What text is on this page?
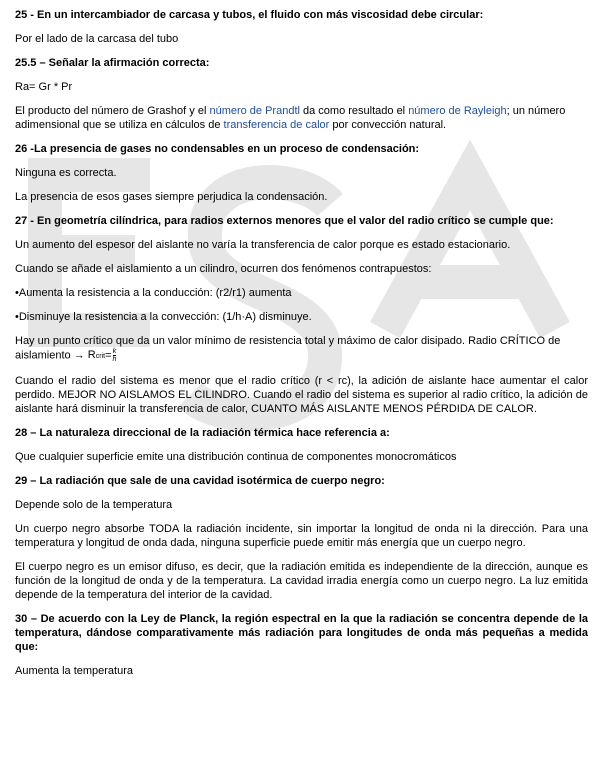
25 - En un intercambiador de carcasa y tubos, el fluido con más viscosidad debe circular:

Por el lado de la carcasa del tubo

25.5 – Señalar la afirmación correcta:

Ra= Gr * Pr

El producto del número de Grashof y el número de Prandtl da como resultado el número de Rayleigh; un número adimensional que se utiliza en cálculos de transferencia de calor por convección natural.

26 -La presencia de gases no condensables en un proceso de condensación:

Ninguna es correcta.

La presencia de esos gases siempre perjudica la condensación.

27 - En geometría cilíndrica, para radios externos menores que el valor del radio crítico se cumple que:

Un aumento del espesor del aislante no varía la transferencia de calor porque es estado estacionario.

Cuando se añade el aislamiento a un cilindro, ocurren dos fenómenos contrapuestos:

•Aumenta la resistencia a la conducción: (r2/r1) aumenta

•Disminuye la resistencia a la convección: (1/h·A) disminuye.

Hay un punto crítico que da un valor mínimo de resistencia total y máximo de calor disipado. Radio CRÍTICO de aislamiento → Rcrit= $\frac{k}{h}$

Cuando el radio del sistema es menor que el radio crítico (r < rc), la adición de aislante hace aumentar el calor perdido. MEJOR NO AISLAMOS EL CILINDRO. Cuando el radio del sistema es superior al radio crítico, la adición de aislante hará disminuir la transferencia de calor, CUANTO MÁS AISLANTE MENOS PÉRDIDA DE CALOR.

28 – La naturaleza direccional de la radiación térmica hace referencia a:

Que cualquier superficie emite una distribución continua de componentes monocromáticos

29 – La radiación que sale de una cavidad isotérmica de cuerpo negro:

Depende solo de la temperatura

Un cuerpo negro absorbe TODA la radiación incidente, sin importar la longitud de onda ni la dirección. Para una temperatura y longitud de onda dada, ninguna superficie puede emitir más energía que un cuerpo negro.

El cuerpo negro es un emisor difuso, es decir, que la radiación emitida es independiente de la dirección, aunque es función de la longitud de onda y de la temperatura. La cavidad irradia energía como un cuerpo negro. La luz emitida depende de la temperatura del interior de la cavidad.

30 – De acuerdo con la Ley de Planck, la región espectral en la que la radiación se concentra depende de la temperatura, dándose comparativamente más radiación para longitudes de onda más pequeñas a medida que:

Aumenta la temperatura
